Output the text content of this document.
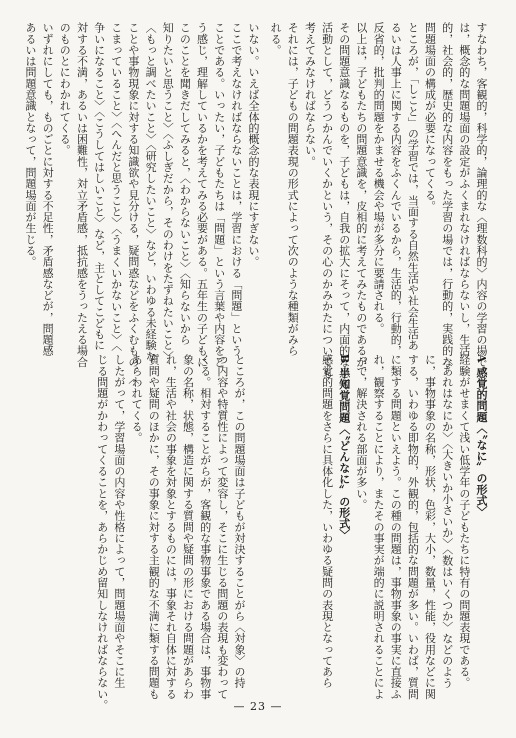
すなわち，客観的，科学的，論理的な〈理数科的〉内容の学習の場で
は，概念的な問題場面の設定がふくまれなければならないし，生活
的，社会的，歴史的な内容をもった学習の場では，行動的，実践的な
問題場面の構成が必要になってくる。
ところが，「しこと」の学習では，当面する自然生活や社会生活あ
るいは人事上に関する内容をふくんでいるから，生活的，行動的，
反省的，批判的問題をかませる機会や場が多分に要請される。
以上は，子どもたちの問題意識を，皮相的に考えてみたものであるが，
その問題意識なるものを，子どもは，自我の拡大にそって，内面的な思考
活動として，どうつかんでいくかという，その心のかみかたについても
考えてみなければならない。
それには，子どもの問題表現の形式によって次のような種類がみら
れる。
いない。いえば全体的概念的な表現にすぎない。
ここで考えなければならないことは，学習における「問題」という
ことである。いったい，子どもたちは「問題」という言葉や内容をど
う感じ，理解しているかを考えてみる必要がある。五年生の子どもに
このことを聞きだしてみると，〈わからないこと〉〈知らないから
知りたいと思うこと〉〈ふしぎだから，そのわけをたずねたいこと〉
〈もっと調べたいこと〉〈研究したいこと〉など，いわゆる未経験な
ことや事物現象に対する知識欲や見分ける，疑問惑などをふくむもの。〈
こまっていること〉〈へんだと思うこと〉〈うまくいかないこと〉〈
争いになること〉〈こうしてはしいこと〉など，主としてこどもに
対する不満，あるいは困難性，対立矛盾感，抵抗感をうったえる場合
のものとにわかれてくる。
いずれにしても，ものごとに対する不足性，矛盾感などが，問題感
あるいは問題意識となって，問題場面が生じる。
A 感覚的問題〈〝なに〟の形式〉
経験がせまくて浅い低学年の子どもたちに特有の問題表現である。
〈あれはなにか〉〈大きいか小さいか〉〈数はいくつか〉などのよう
に，事物事象の名称，形状，色彩，大小，数量，性能，役用などに関
する，いわゆる即物的，外観的，包括的な問題が多い。いわば，質問
に類する問題といえよう。この種の問題は，事物事象の事実に直接ふ
れ，観察することにより，またその事実が端的に説明されることによ
って，解決される部面が多い。
B 半知覚問題〈〝どんなに〟の形式〉
感覚的問題をさらに具体化した，いわゆる疑問の表現となってあら
ところが，この問題場面は子どもが対決することがら〈対象〉の持
つ内容や特質性によって変容し，そこに生じる問題の表現も変わって
くる。相対することがらが，客観的な事物事象である場合は，事物事
象の名称，状態，構造に関する質問や疑問の形における問題があらわ
れ，生活や社会の事象を対象とするものには，事象それ自体に対する
質問や疑問のほかに，その事象に対する主観的な不満に類する問題も
あらわれてくる。
したがって，学習場面の内容や性格によって，問題場面やそこに生
じる問題がかわってくることを，あらかじめ留知しなければならない。	— 23 —
